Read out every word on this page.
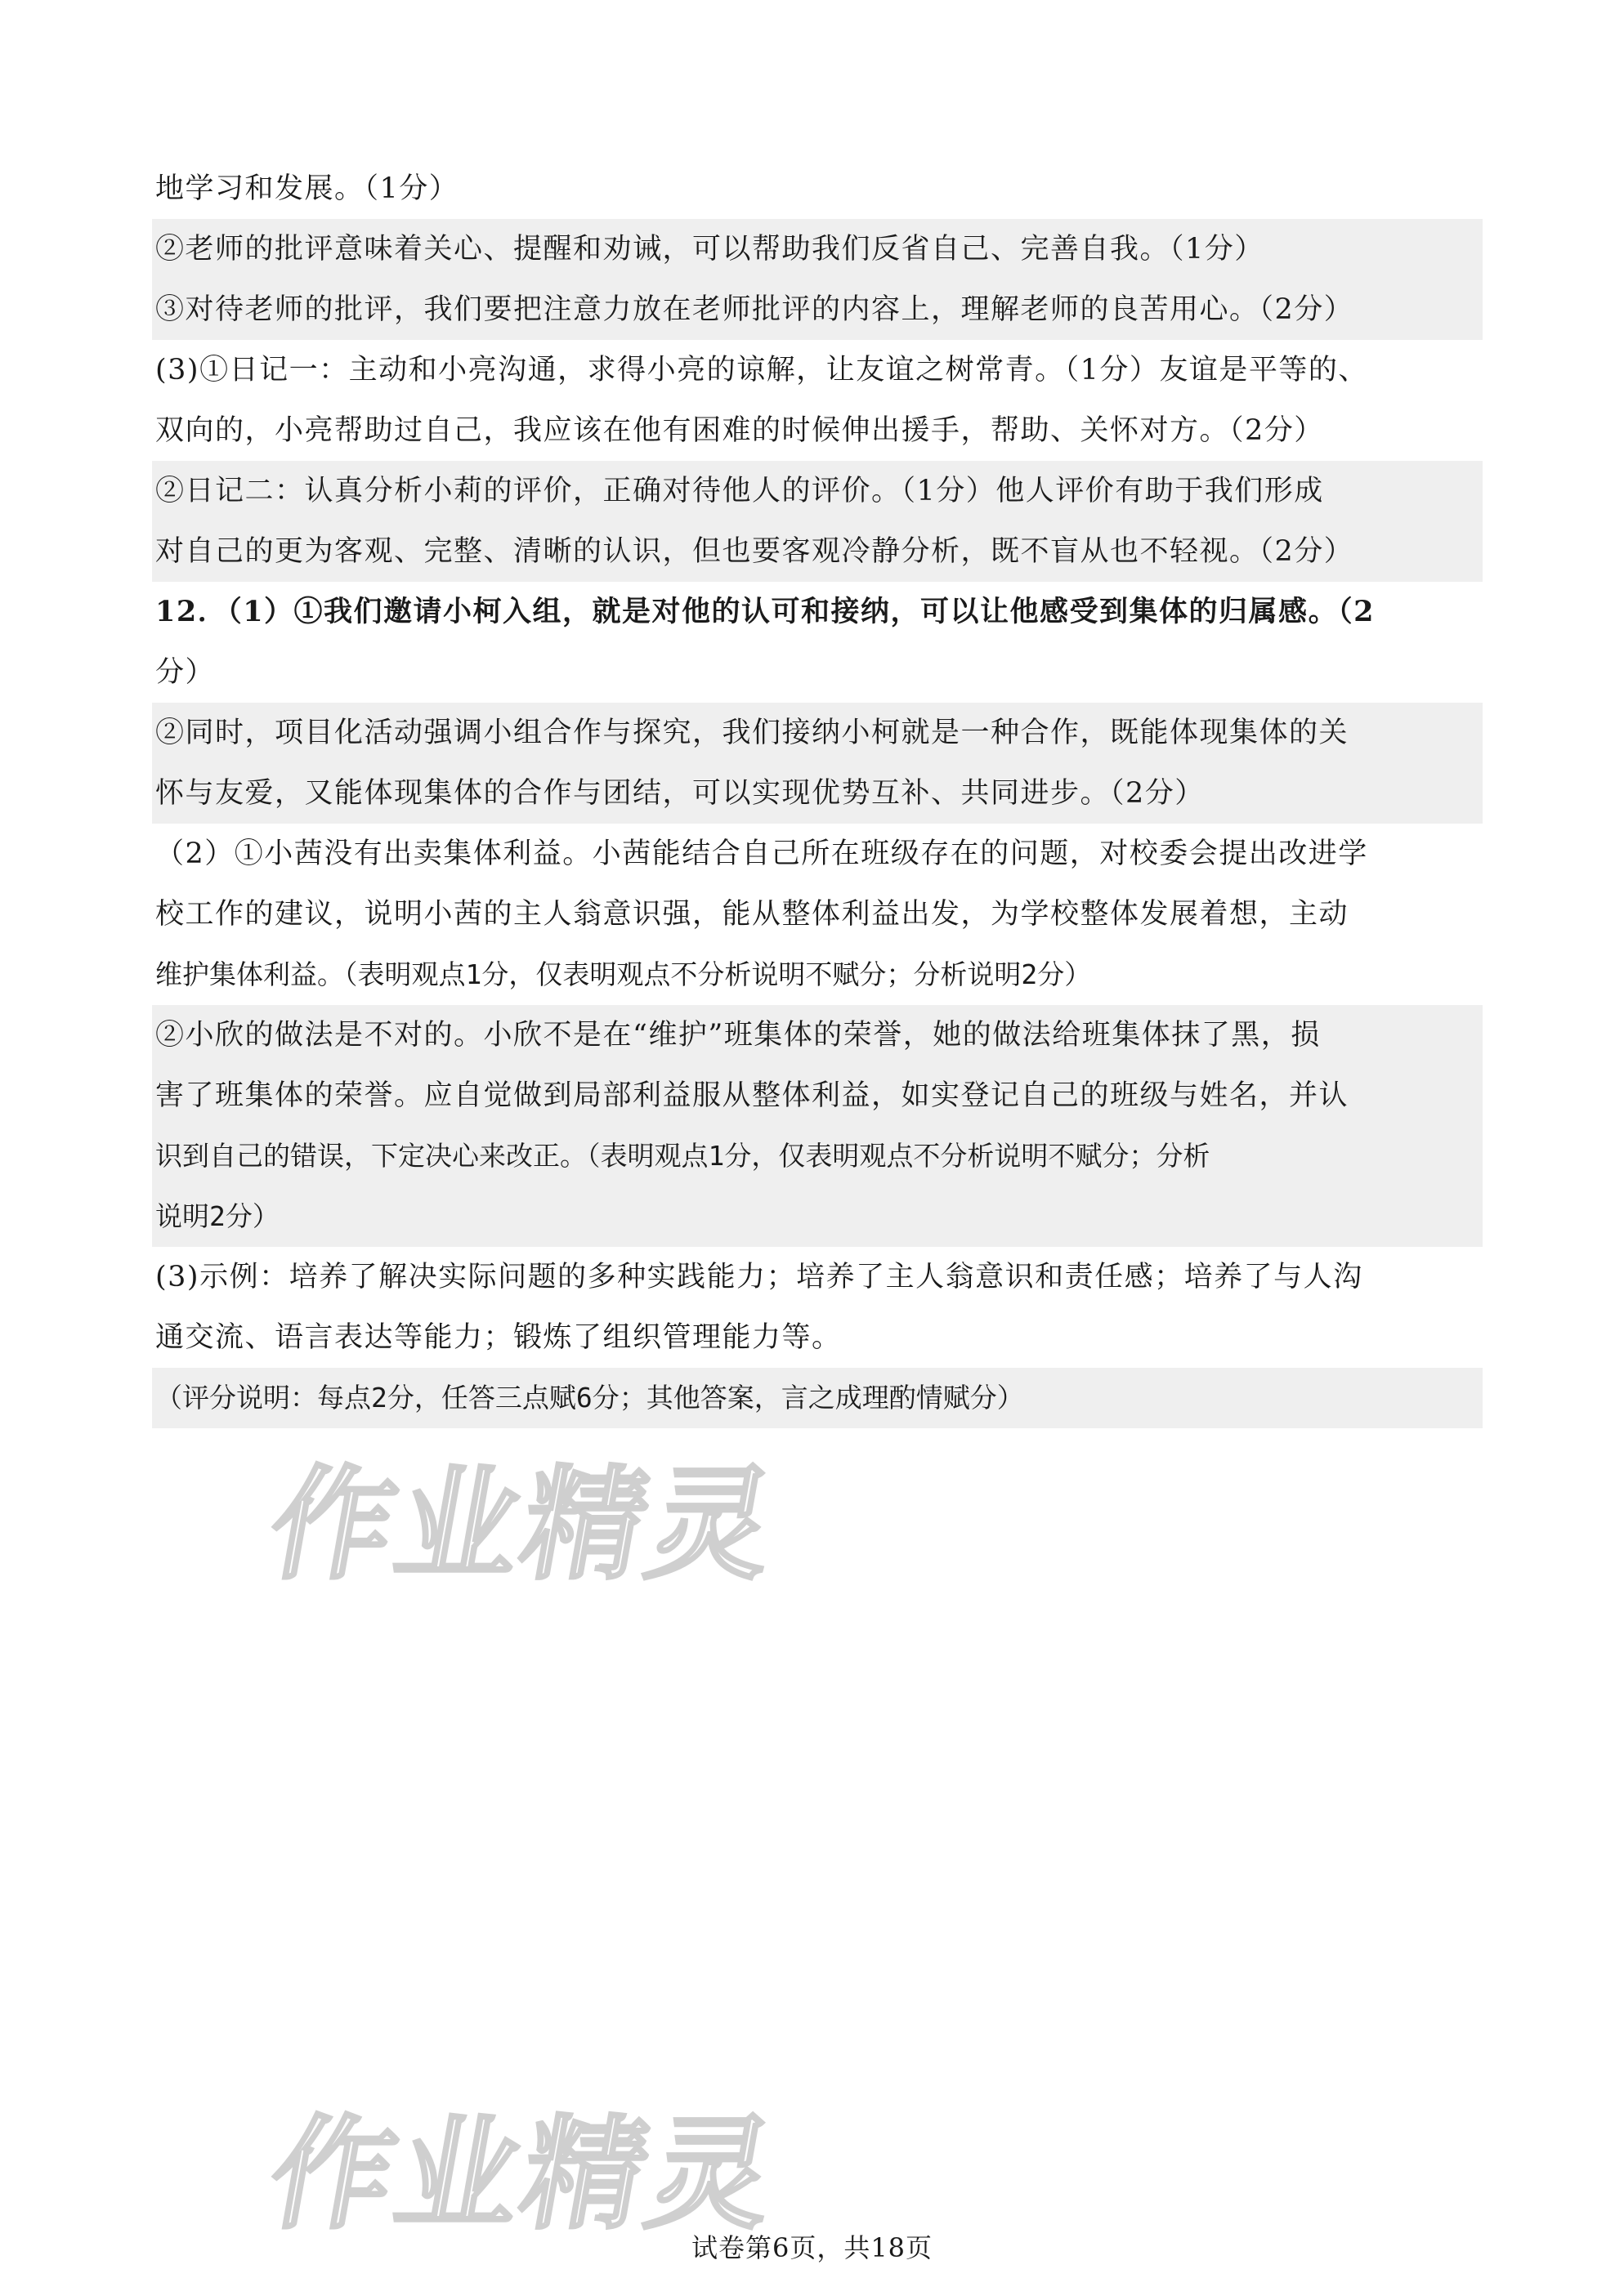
地学习和发展。（1分）
②老师的批评意味着关心、提醒和劝诫，可以帮助我们反省自己、完善自我。（1分）
③对待老师的批评，我们要把注意力放在老师批评的内容上，理解老师的良苦用心。（2分）
(3)①日记一：主动和小亮沟通，求得小亮的谅解，让友谊之树常青。（1分）友谊是平等的、
双向的，小亮帮助过自己，我应该在他有困难的时候伸出援手，帮助、关怀对方。（2分）
②日记二：认真分析小莉的评价，正确对待他人的评价。（1分）他人评价有助于我们形成
对自己的更为客观、完整、清晰的认识，但也要客观冷静分析，既不盲从也不轻视。（2分）
12．（1）①我们邀请小柯入组，就是对他的认可和接纳，可以让他感受到集体的归属感。（2
分）
②同时，项目化活动强调小组合作与探究，我们接纳小柯就是一种合作，既能体现集体的关
怀与友爱，又能体现集体的合作与团结，可以实现优势互补、共同进步。（2分）
（2）①小茜没有出卖集体利益。小茜能结合自己所在班级存在的问题，对校委会提出改进学
校工作的建议，说明小茜的主人翁意识强，能从整体利益出发，为学校整体发展着想，主动
维护集体利益。（表明观点1分，仅表明观点不分析说明不赋分；分析说明2分）
②小欣的做法是不对的。小欣不是在“维护”班集体的荣誉，她的做法给班集体抹了黑，损
害了班集体的荣誉。应自觉做到局部利益服从整体利益，如实登记自己的班级与姓名，并认
识到自己的错误，下定决心来改正。（表明观点1分，仅表明观点不分析说明不赋分；分析
说明2分）
(3)示例：培养了解决实际问题的多种实践能力；培养了主人翁意识和责任感；培养了与人沟
通交流、语言表达等能力；锻炼了组织管理能力等。
（评分说明：每点2分，任答三点赋6分；其他答案，言之成理酌情赋分）
作业精灵
作业精灵
试卷第6页，共18页
